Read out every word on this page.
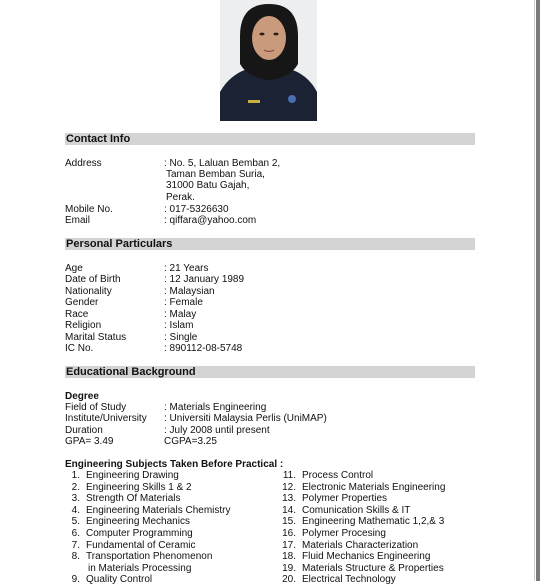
Contact Info
Address	: No. 5, Laluan Bemban 2,
Taman Bemban Suria,
31000 Batu Gajah,
Perak.
Mobile No.	: 017-5326630
Email	: qiffara@yahoo.com
Personal Particulars
Age	: 21 Years
Date of Birth	: 12 January 1989
Nationality	: Malaysian
Gender	: Female
Race	: Malay
Religion	: Islam
Marital Status	: Single
IC No.	: 890112-08-5748
Educational Background
Degree
Field of Study	: Materials Engineering
Institute/University : Universiti Malaysia Perlis (UniMAP)
Duration	: July 2008 until present
GPA= 3.49	CGPA=3.25
Engineering Subjects Taken Before Practical :
1. Engineering Drawing
2. Engineering Skills 1 & 2
3. Strength Of Materials
4. Engineering Materials Chemistry
5. Engineering Mechanics
6. Computer Programming
7. Fundamental of Ceramic
8. Transportation Phenomenon
in Materials Processing
9. Quality Control
11. Process Control
12. Electronic Materials Engineering
13. Polymer Properties
14. Comunication Skills & IT
15. Engineering Mathematic 1,2,& 3
16. Polymer Procesing
17. Materials Characterization
18. Fluid Mechanics Engineering
19. Materials Structure & Properties
20. Electrical Technology
